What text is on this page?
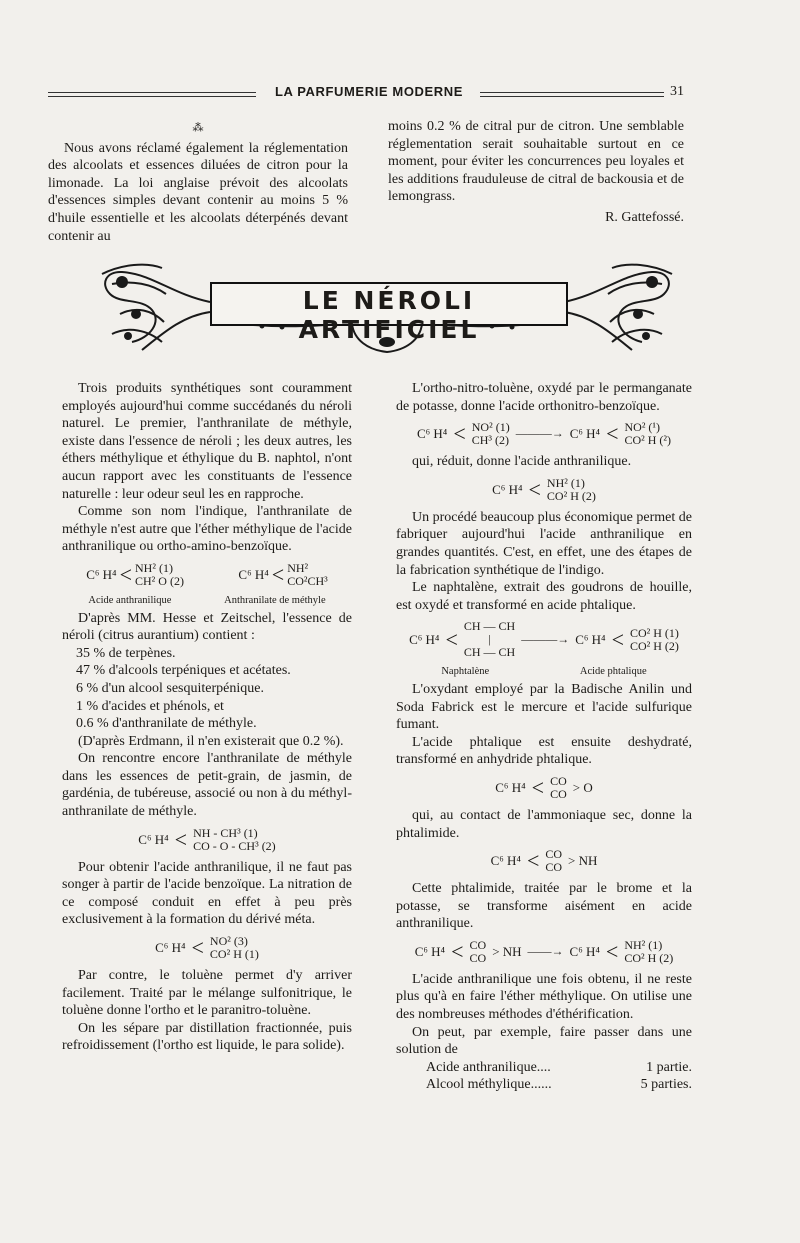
LA PARFUMERIE MODERNE	31
⁂

Nous avons réclamé également la réglementation des alcoolats et essences diluées de citron pour la limonade. La loi anglaise prévoit des alcoolats d'essences simples devant contenir au moins 5 % d'huile essentielle et les alcoolats déterpénés devant contenir au

moins 0.2 % de citral pur de citron. Une semblable réglementation serait souhaitable surtout en ce moment, pour éviter les concurrences peu loyales et les additions frauduleuse de citral de backousia et de lemongrass.

R. Gattefossé.

LE NÉROLI ARTIFICIEL

Trois produits synthétiques sont couramment employés aujourd'hui comme succédanés du néroli naturel. Le premier, l'anthranilate de méthyle, existe dans l'essence de néroli ; les deux autres, les éthers méthylique et éthylique du B. naphtol, n'ont aucun rapport avec les constituants de l'essence naturelle : leur odeur seul les en rapproche.

Comme son nom l'indique, l'anthranilate de méthyle n'est autre que l'éther méthylique de l'acide anthranilique ou ortho-amino-benzoïque.

C⁶ H⁴ < NH² (1)
CH² O (2)	C⁶ H⁴ < NH²
CO²CH³
Acide anthranilique	Anthranilate de méthyle

D'après MM. Hesse et Zeitschel, l'essence de néroli (citrus aurantium) contient :

35 % de terpènes.

47 % d'alcools terpéniques et acétates.

6 % d'un alcool sesquiterpénique.

1 % d'acides et phénols, et

0.6 % d'anthranilate de méthyle.

(D'après Erdmann, il n'en existerait que 0.2 %).

On rencontre encore l'anthranilate de méthyle dans les essences de petit-grain, de jasmin, de gardénia, de tubéreuse, associé ou non à du méthyl-anthranilate de méthyle.

C⁶ H⁴ < NH - CH³ (1)
CO - O - CH³ (2)

Pour obtenir l'acide anthranilique, il ne faut pas songer à partir de l'acide benzoïque. La nitration de ce composé conduit en effet à peu près exclusivement à la formation du dérivé méta.

C⁶ H⁴ < NO² (3)
CO² H (1)

Par contre, le toluène permet d'y arriver facilement. Traité par le mélange sulfonitrique, le toluène donne l'ortho et le paranitro-toluène.

On les sépare par distillation fractionnée, puis refroidissement (l'ortho est liquide, le para solide).

L'ortho-nitro-toluène, oxydé par le permanganate de potasse, donne l'acide orthonitro-benzoïque.

C⁶ H⁴ < NO² (1)
CH³ (2) ———→ C⁶ H⁴ < NO² (¹)
CO² H (²)

qui, réduit, donne l'acide anthranilique.

C⁶ H⁴ < NH² (1)
CO² H (2)

Un procédé beaucoup plus économique permet de fabriquer aujourd'hui l'acide anthranilique en grandes quantités. C'est, en effet, une des étapes de la fabrication synthétique de l'indigo.

Le naphtalène, extrait des goudrons de houille, est oxydé et transformé en acide phtalique.

C⁶ H⁴ <
CH — CH
|
CH — CH
———→ C⁶ H⁴ < CO² H (1)
CO² H (2)
Naphtalène	Acide phtalique

L'oxydant employé par la Badische Anilin und Soda Fabrick est le mercure et l'acide sulfurique fumant.

L'acide phtalique est ensuite deshydraté, transformé en anhydride phtalique.

C⁶ H⁴ < CO
CO > O

qui, au contact de l'ammoniaque sec, donne la phtalimide.

C⁶ H⁴ < CO
CO > NH

Cette phtalimide, traitée par le brome et la potasse, se transforme aisément en acide anthranilique.

C⁶ H⁴ < CO
CO > NH ——→ C⁶ H⁴ < NH² (1)
CO² H (2)

L'acide anthranilique une fois obtenu, il ne reste plus qu'à en faire l'éther méthylique. On utilise une des nombreuses méthodes d'éthérification.

On peut, par exemple, faire passer dans une solution de

Acide anthranilique....	1 partie.
Alcool méthylique......	5 parties.
